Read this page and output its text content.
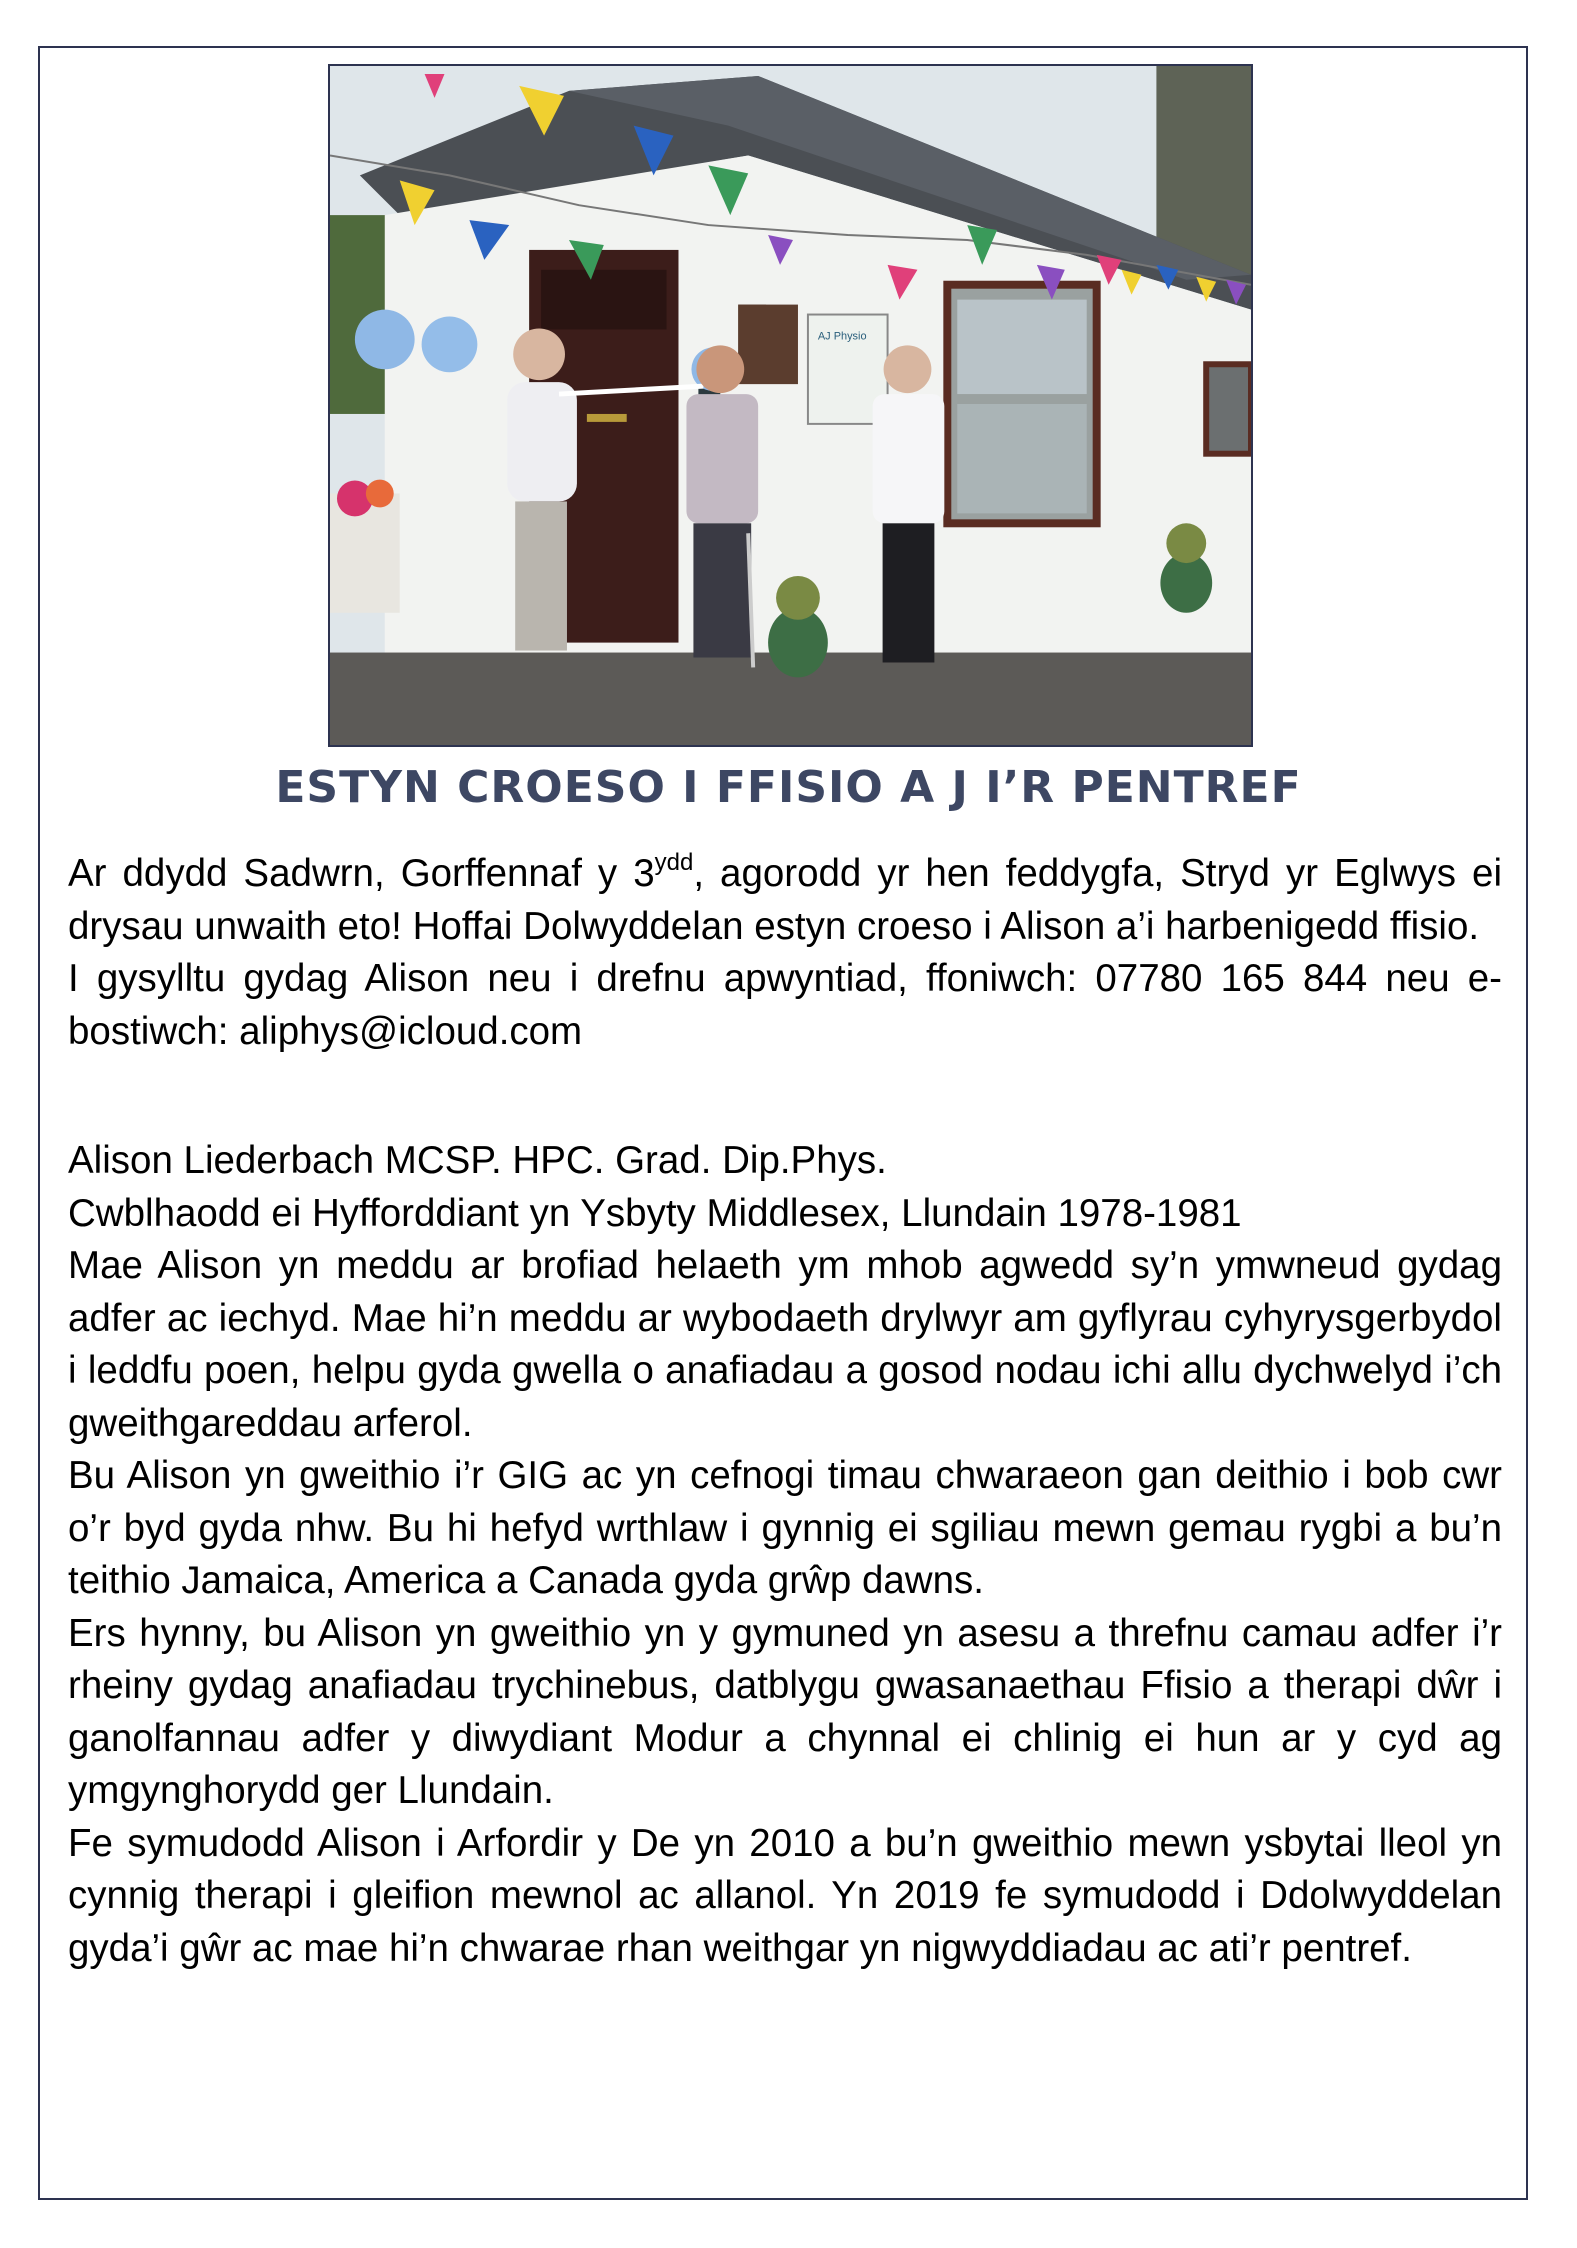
AJ Physio
ESTYN CROESO I FFISIO A J I’R PENTREF

Ar ddydd Sadwrn, Gorffennaf y $3^{ydd}$, agorodd yr hen feddygfa, Stryd yr Eglwys ei drysau unwaith eto! Hoffai Dolwyddelan estyn croeso i Alison a’i harbenigedd ffisio.

I gysylltu gydag Alison neu i drefnu apwyntiad, ffoniwch: 07780 165 844 neu e-bostiwch: aliphys@icloud.com

Alison Liederbach MCSP. HPC. Grad. Dip.Phys.

Cwblhaodd ei Hyfforddiant yn Ysbyty Middlesex, Llundain 1978-1981

Mae Alison yn meddu ar brofiad helaeth ym mhob agwedd sy’n ymwneud gydag adfer ac iechyd. Mae hi’n meddu ar wybodaeth drylwyr am gyflyrau cyhyrysgerbydol i leddfu poen, helpu gyda gwella o anafiadau a gosod nodau ichi allu dychwelyd i’ch gweithgareddau arferol.

Bu Alison yn gweithio i’r GIG ac yn cefnogi timau chwaraeon gan deithio i bob cwr o’r byd gyda nhw. Bu hi hefyd wrthlaw i gynnig ei sgiliau mewn gemau rygbi a bu’n teithio Jamaica, America a Canada gyda grŵp dawns.

Ers hynny, bu Alison yn gweithio yn y gymuned yn asesu a threfnu camau adfer i’r rheiny gydag anafiadau trychinebus, datblygu gwasanaethau Ffisio a therapi dŵr i ganolfannau adfer y diwydiant Modur a chynnal ei chlinig ei hun ar y cyd ag ymgynghorydd ger Llundain.

Fe symudodd Alison i Arfordir y De yn 2010 a bu’n gweithio mewn ysbytai lleol yn cynnig therapi i gleifion mewnol ac allanol. Yn 2019 fe symudodd i Ddolwyddelan gyda’i gŵr ac mae hi’n chwarae rhan weithgar yn nigwyddiadau ac ati’r pentref.
